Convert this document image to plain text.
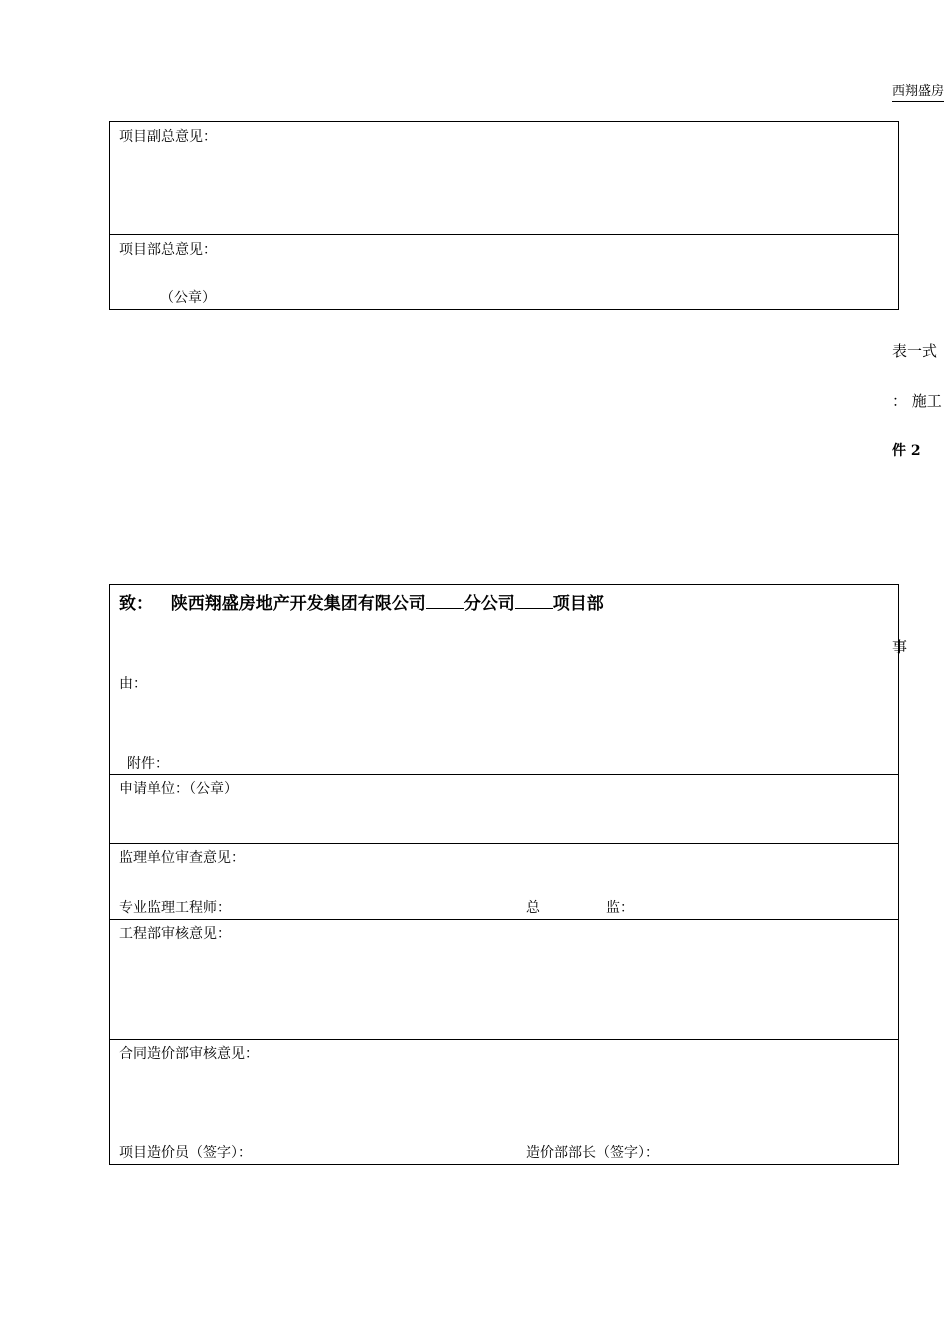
西翔盛房
项目副总意见：
项目部总意见：
（公章）
表一式
： 施工
件 2
事
致： 陕西翔盛房地产开发集团有限公司 分公司 项目部
由：
附件：
申请单位：（公章）
监理单位审查意见：
专业监理工程师：	总	监：
工程部审核意见：
合同造价部审核意见：
项目造价员（签字）：	造价部部长（签字）：
